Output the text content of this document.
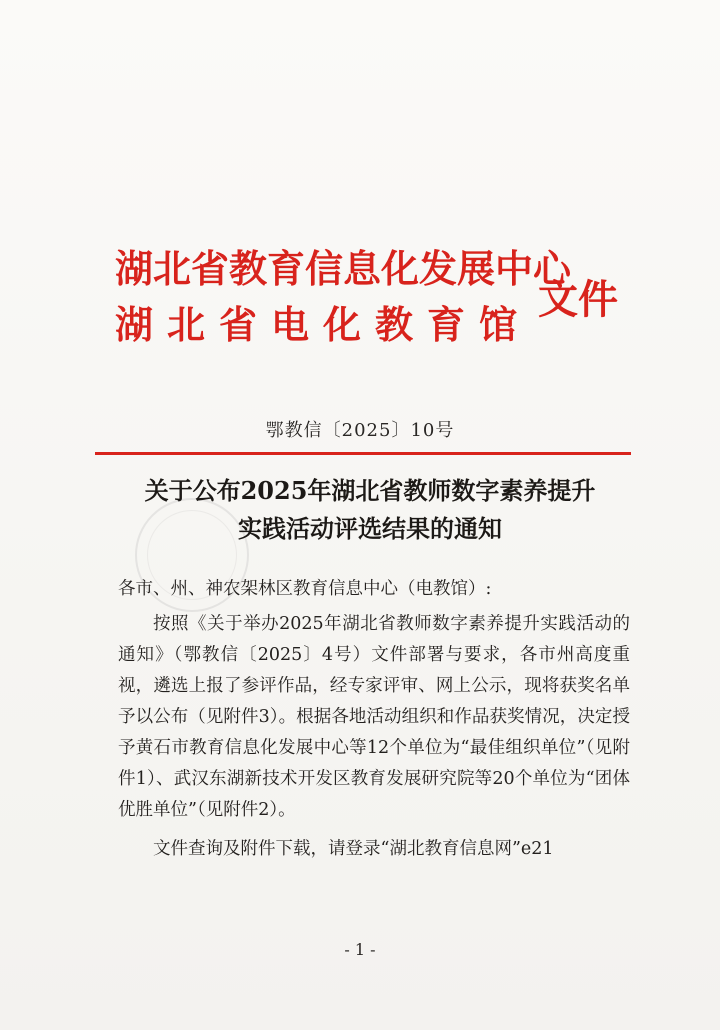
湖北省教育信息化发展中心
湖北省电化教育馆
文件
鄂教信〔2025〕10号
关于公布2025年湖北省教师数字素养提升
实践活动评选结果的通知

各市、州、神农架林区教育信息中心（电教馆）:

按照《关于举办2025年湖北省教师数字素养提升实践活动的通知》（鄂教信〔2025〕4号）文件部署与要求，各市州高度重视，遴选上报了参评作品，经专家评审、网上公示，现将获奖名单予以公布（见附件3）。根据各地活动组织和作品获奖情况，决定授予黄石市教育信息化发展中心等12个单位为“最佳组织单位”（见附件1）、武汉东湖新技术开发区教育发展研究院等20个单位为“团体优胜单位”（见附件2）。

文件查询及附件下载，请登录“湖北教育信息网”e21

- 1 -
